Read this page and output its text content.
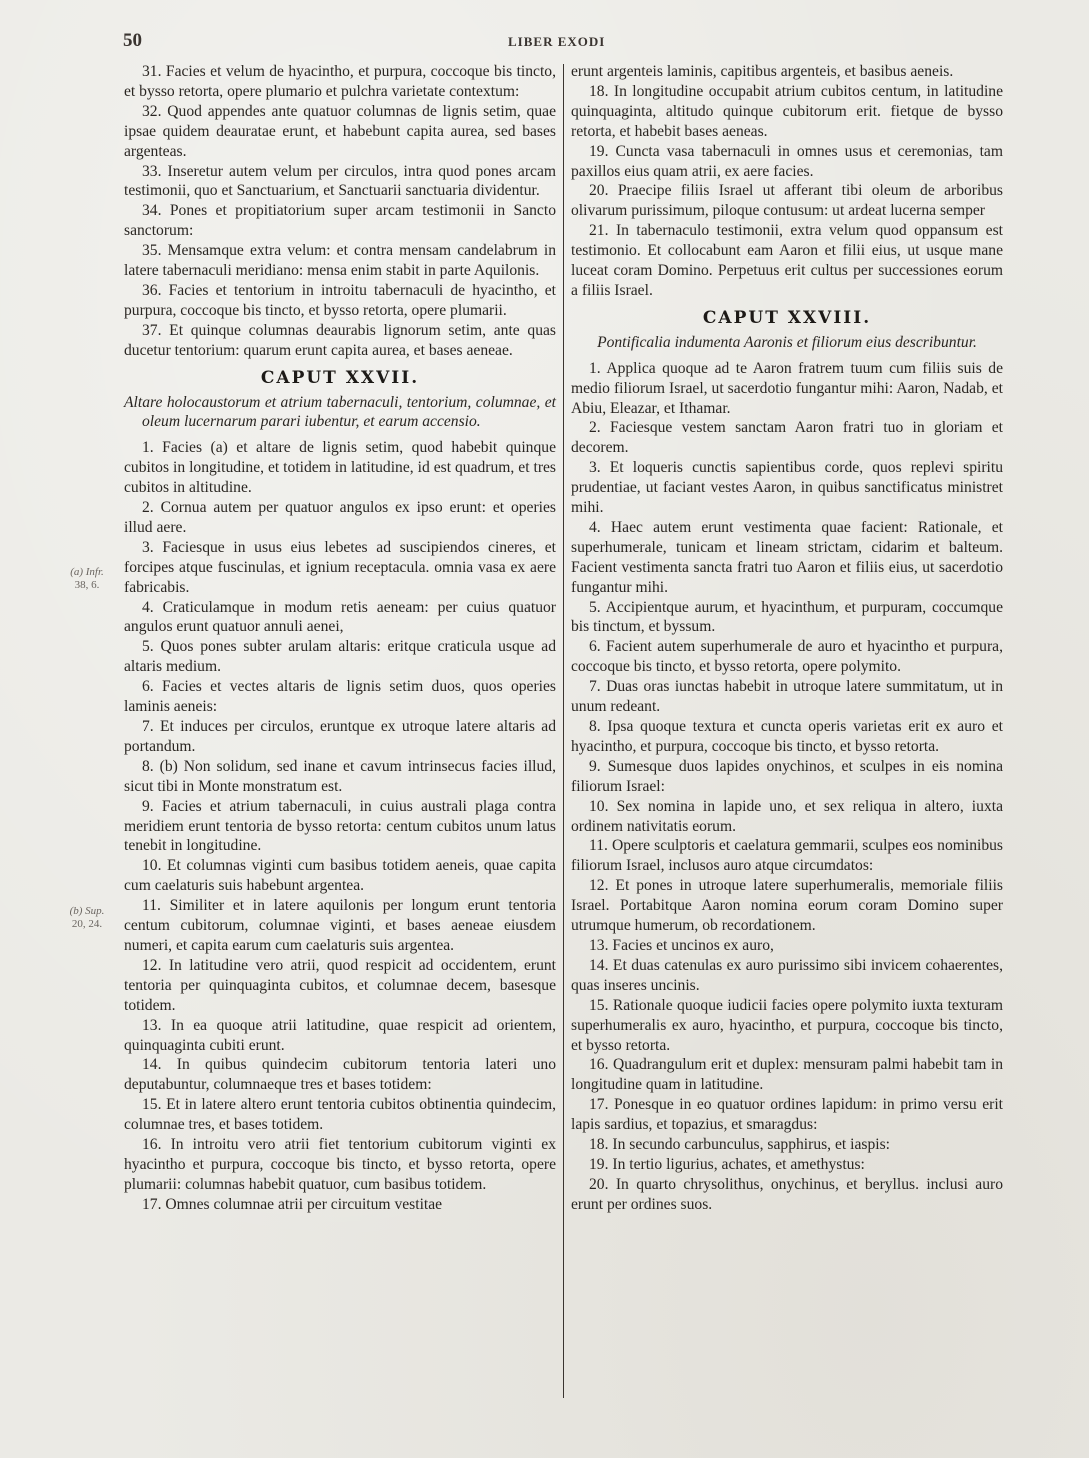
50	LIBER EXODI
(a) Infr.
38, 6.
(b) Sup.
20, 24.

31. Facies et velum de hyacintho, et purpura, coccoque bis tincto, et bysso retorta, opere plumario et pulchra varietate contextum:

32. Quod appendes ante quatuor columnas de lignis setim, quae ipsae quidem deauratae erunt, et habebunt capita aurea, sed bases argenteas.

33. Inseretur autem velum per circulos, intra quod pones arcam testimonii, quo et Sanctuarium, et Sanctuarii sanctuaria dividentur.

34. Pones et propitiatorium super arcam testimonii in Sancto sanctorum:

35. Mensamque extra velum: et contra mensam candelabrum in latere tabernaculi meridiano: mensa enim stabit in parte Aquilonis.

36. Facies et tentorium in introitu tabernaculi de hyacintho, et purpura, coccoque bis tincto, et bysso retorta, opere plumarii.

37. Et quinque columnas deaurabis lignorum setim, ante quas ducetur tentorium: quarum erunt capita aurea, et bases aeneae.

CAPUT XXVII.

Altare holocaustorum et atrium tabernaculi, tentorium, columnae, et oleum lucernarum parari iubentur, et earum accensio.

1. Facies (a) et altare de lignis setim, quod habebit quinque cubitos in longitudine, et totidem in latitudine, id est quadrum, et tres cubitos in altitudine.

2. Cornua autem per quatuor angulos ex ipso erunt: et operies illud aere.

3. Faciesque in usus eius lebetes ad suscipiendos cineres, et forcipes atque fuscinulas, et ignium receptacula. omnia vasa ex aere fabricabis.

4. Craticulamque in modum retis aeneam: per cuius quatuor angulos erunt quatuor annuli aenei,

5. Quos pones subter arulam altaris: eritque craticula usque ad altaris medium.

6. Facies et vectes altaris de lignis setim duos, quos operies laminis aeneis:

7. Et induces per circulos, eruntque ex utroque latere altaris ad portandum.

8. (b) Non solidum, sed inane et cavum intrinsecus facies illud, sicut tibi in Monte monstratum est.

9. Facies et atrium tabernaculi, in cuius australi plaga contra meridiem erunt tentoria de bysso retorta: centum cubitos unum latus tenebit in longitudine.

10. Et columnas viginti cum basibus totidem aeneis, quae capita cum caelaturis suis habebunt argentea.

11. Similiter et in latere aquilonis per longum erunt tentoria centum cubitorum, columnae viginti, et bases aeneae eiusdem numeri, et capita earum cum caelaturis suis argentea.

12. In latitudine vero atrii, quod respicit ad occidentem, erunt tentoria per quinquaginta cubitos, et columnae decem, basesque totidem.

13. In ea quoque atrii latitudine, quae respicit ad orientem, quinquaginta cubiti erunt.

14. In quibus quindecim cubitorum tentoria lateri uno deputabuntur, columnaeque tres et bases totidem:

15. Et in latere altero erunt tentoria cubitos obtinentia quindecim, columnae tres, et bases totidem.

16. In introitu vero atrii fiet tentorium cubitorum viginti ex hyacintho et purpura, coccoque bis tincto, et bysso retorta, opere plumarii: columnas habebit quatuor, cum basibus totidem.

17. Omnes columnae atrii per circuitum vestitae

erunt argenteis laminis, capitibus argenteis, et basibus aeneis.

18. In longitudine occupabit atrium cubitos centum, in latitudine quinquaginta, altitudo quinque cubitorum erit. fietque de bysso retorta, et habebit bases aeneas.

19. Cuncta vasa tabernaculi in omnes usus et ceremonias, tam paxillos eius quam atrii, ex aere facies.

20. Praecipe filiis Israel ut afferant tibi oleum de arboribus olivarum purissimum, piloque contusum: ut ardeat lucerna semper

21. In tabernaculo testimonii, extra velum quod oppansum est testimonio. Et collocabunt eam Aaron et filii eius, ut usque mane luceat coram Domino. Perpetuus erit cultus per successiones eorum a filiis Israel.

CAPUT XXVIII.

Pontificalia indumenta Aaronis et filiorum eius describuntur.

1. Applica quoque ad te Aaron fratrem tuum cum filiis suis de medio filiorum Israel, ut sacerdotio fungantur mihi: Aaron, Nadab, et Abiu, Eleazar, et Ithamar.

2. Faciesque vestem sanctam Aaron fratri tuo in gloriam et decorem.

3. Et loqueris cunctis sapientibus corde, quos replevi spiritu prudentiae, ut faciant vestes Aaron, in quibus sanctificatus ministret mihi.

4. Haec autem erunt vestimenta quae facient: Rationale, et superhumerale, tunicam et lineam strictam, cidarim et balteum. Facient vestimenta sancta fratri tuo Aaron et filiis eius, ut sacerdotio fungantur mihi.

5. Accipientque aurum, et hyacinthum, et purpuram, coccumque bis tinctum, et byssum.

6. Facient autem superhumerale de auro et hyacintho et purpura, coccoque bis tincto, et bysso retorta, opere polymito.

7. Duas oras iunctas habebit in utroque latere summitatum, ut in unum redeant.

8. Ipsa quoque textura et cuncta operis varietas erit ex auro et hyacintho, et purpura, coccoque bis tincto, et bysso retorta.

9. Sumesque duos lapides onychinos, et sculpes in eis nomina filiorum Israel:

10. Sex nomina in lapide uno, et sex reliqua in altero, iuxta ordinem nativitatis eorum.

11. Opere sculptoris et caelatura gemmarii, sculpes eos nominibus filiorum Israel, inclusos auro atque circumdatos:

12. Et pones in utroque latere superhumeralis, memoriale filiis Israel. Portabitque Aaron nomina eorum coram Domino super utrumque humerum, ob recordationem.

13. Facies et uncinos ex auro,

14. Et duas catenulas ex auro purissimo sibi invicem cohaerentes, quas inseres uncinis.

15. Rationale quoque iudicii facies opere polymito iuxta texturam superhumeralis ex auro, hyacintho, et purpura, coccoque bis tincto, et bysso retorta.

16. Quadrangulum erit et duplex: mensuram palmi habebit tam in longitudine quam in latitudine.

17. Ponesque in eo quatuor ordines lapidum: in primo versu erit lapis sardius, et topazius, et smaragdus:

18. In secundo carbunculus, sapphirus, et iaspis:

19. In tertio ligurius, achates, et amethystus:

20. In quarto chrysolithus, onychinus, et beryllus. inclusi auro erunt per ordines suos.
